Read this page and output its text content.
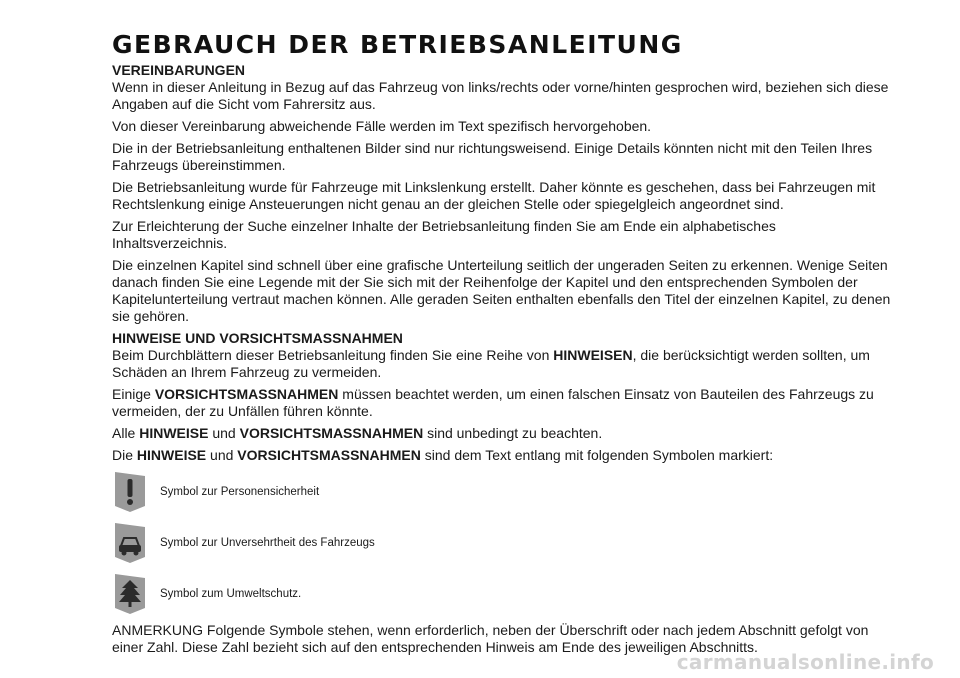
GEBRAUCH DER BETRIEBSANLEITUNG
VEREINBARUNGEN

Wenn in dieser Anleitung in Bezug auf das Fahrzeug von links/rechts oder vorne/hinten gesprochen wird, beziehen sich diese Angaben auf die Sicht vom Fahrersitz aus.

Von dieser Vereinbarung abweichende Fälle werden im Text spezifisch hervorgehoben.

Die in der Betriebsanleitung enthaltenen Bilder sind nur richtungsweisend. Einige Details könnten nicht mit den Teilen Ihres Fahrzeugs übereinstimmen.

Die Betriebsanleitung wurde für Fahrzeuge mit Linkslenkung erstellt. Daher könnte es geschehen, dass bei Fahrzeugen mit Rechtslenkung einige Ansteuerungen nicht genau an der gleichen Stelle oder spiegelgleich angeordnet sind.

Zur Erleichterung der Suche einzelner Inhalte der Betriebsanleitung finden Sie am Ende ein alphabetisches Inhaltsverzeichnis.

Die einzelnen Kapitel sind schnell über eine grafische Unterteilung seitlich der ungeraden Seiten zu erkennen. Wenige Seiten danach finden Sie eine Legende mit der Sie sich mit der Reihenfolge der Kapitel und den entsprechenden Symbolen der Kapitelunterteilung vertraut machen können. Alle geraden Seiten enthalten ebenfalls den Titel der einzelnen Kapitel, zu denen sie gehören.

HINWEISE UND VORSICHTSMASSNAHMEN

Beim Durchblättern dieser Betriebsanleitung finden Sie eine Reihe von HINWEISEN, die berücksichtigt werden sollten, um Schäden an Ihrem Fahrzeug zu vermeiden.

Einige VORSICHTSMASSNAHMEN müssen beachtet werden, um einen falschen Einsatz von Bauteilen des Fahrzeugs zu vermeiden, der zu Unfällen führen könnte.

Alle HINWEISE und VORSICHTSMASSNAHMEN sind unbedingt zu beachten.

Die HINWEISE und VORSICHTSMASSNAHMEN sind dem Text entlang mit folgenden Symbolen markiert:

Symbol zur Personensicherheit
Symbol zur Unversehrtheit des Fahrzeugs
Symbol zum Umweltschutz.

ANMERKUNG Folgende Symbole stehen, wenn erforderlich, neben der Überschrift oder nach jedem Abschnitt gefolgt von einer Zahl. Diese Zahl bezieht sich auf den entsprechenden Hinweis am Ende des jeweiligen Abschnitts.

carmanualsonline.info
